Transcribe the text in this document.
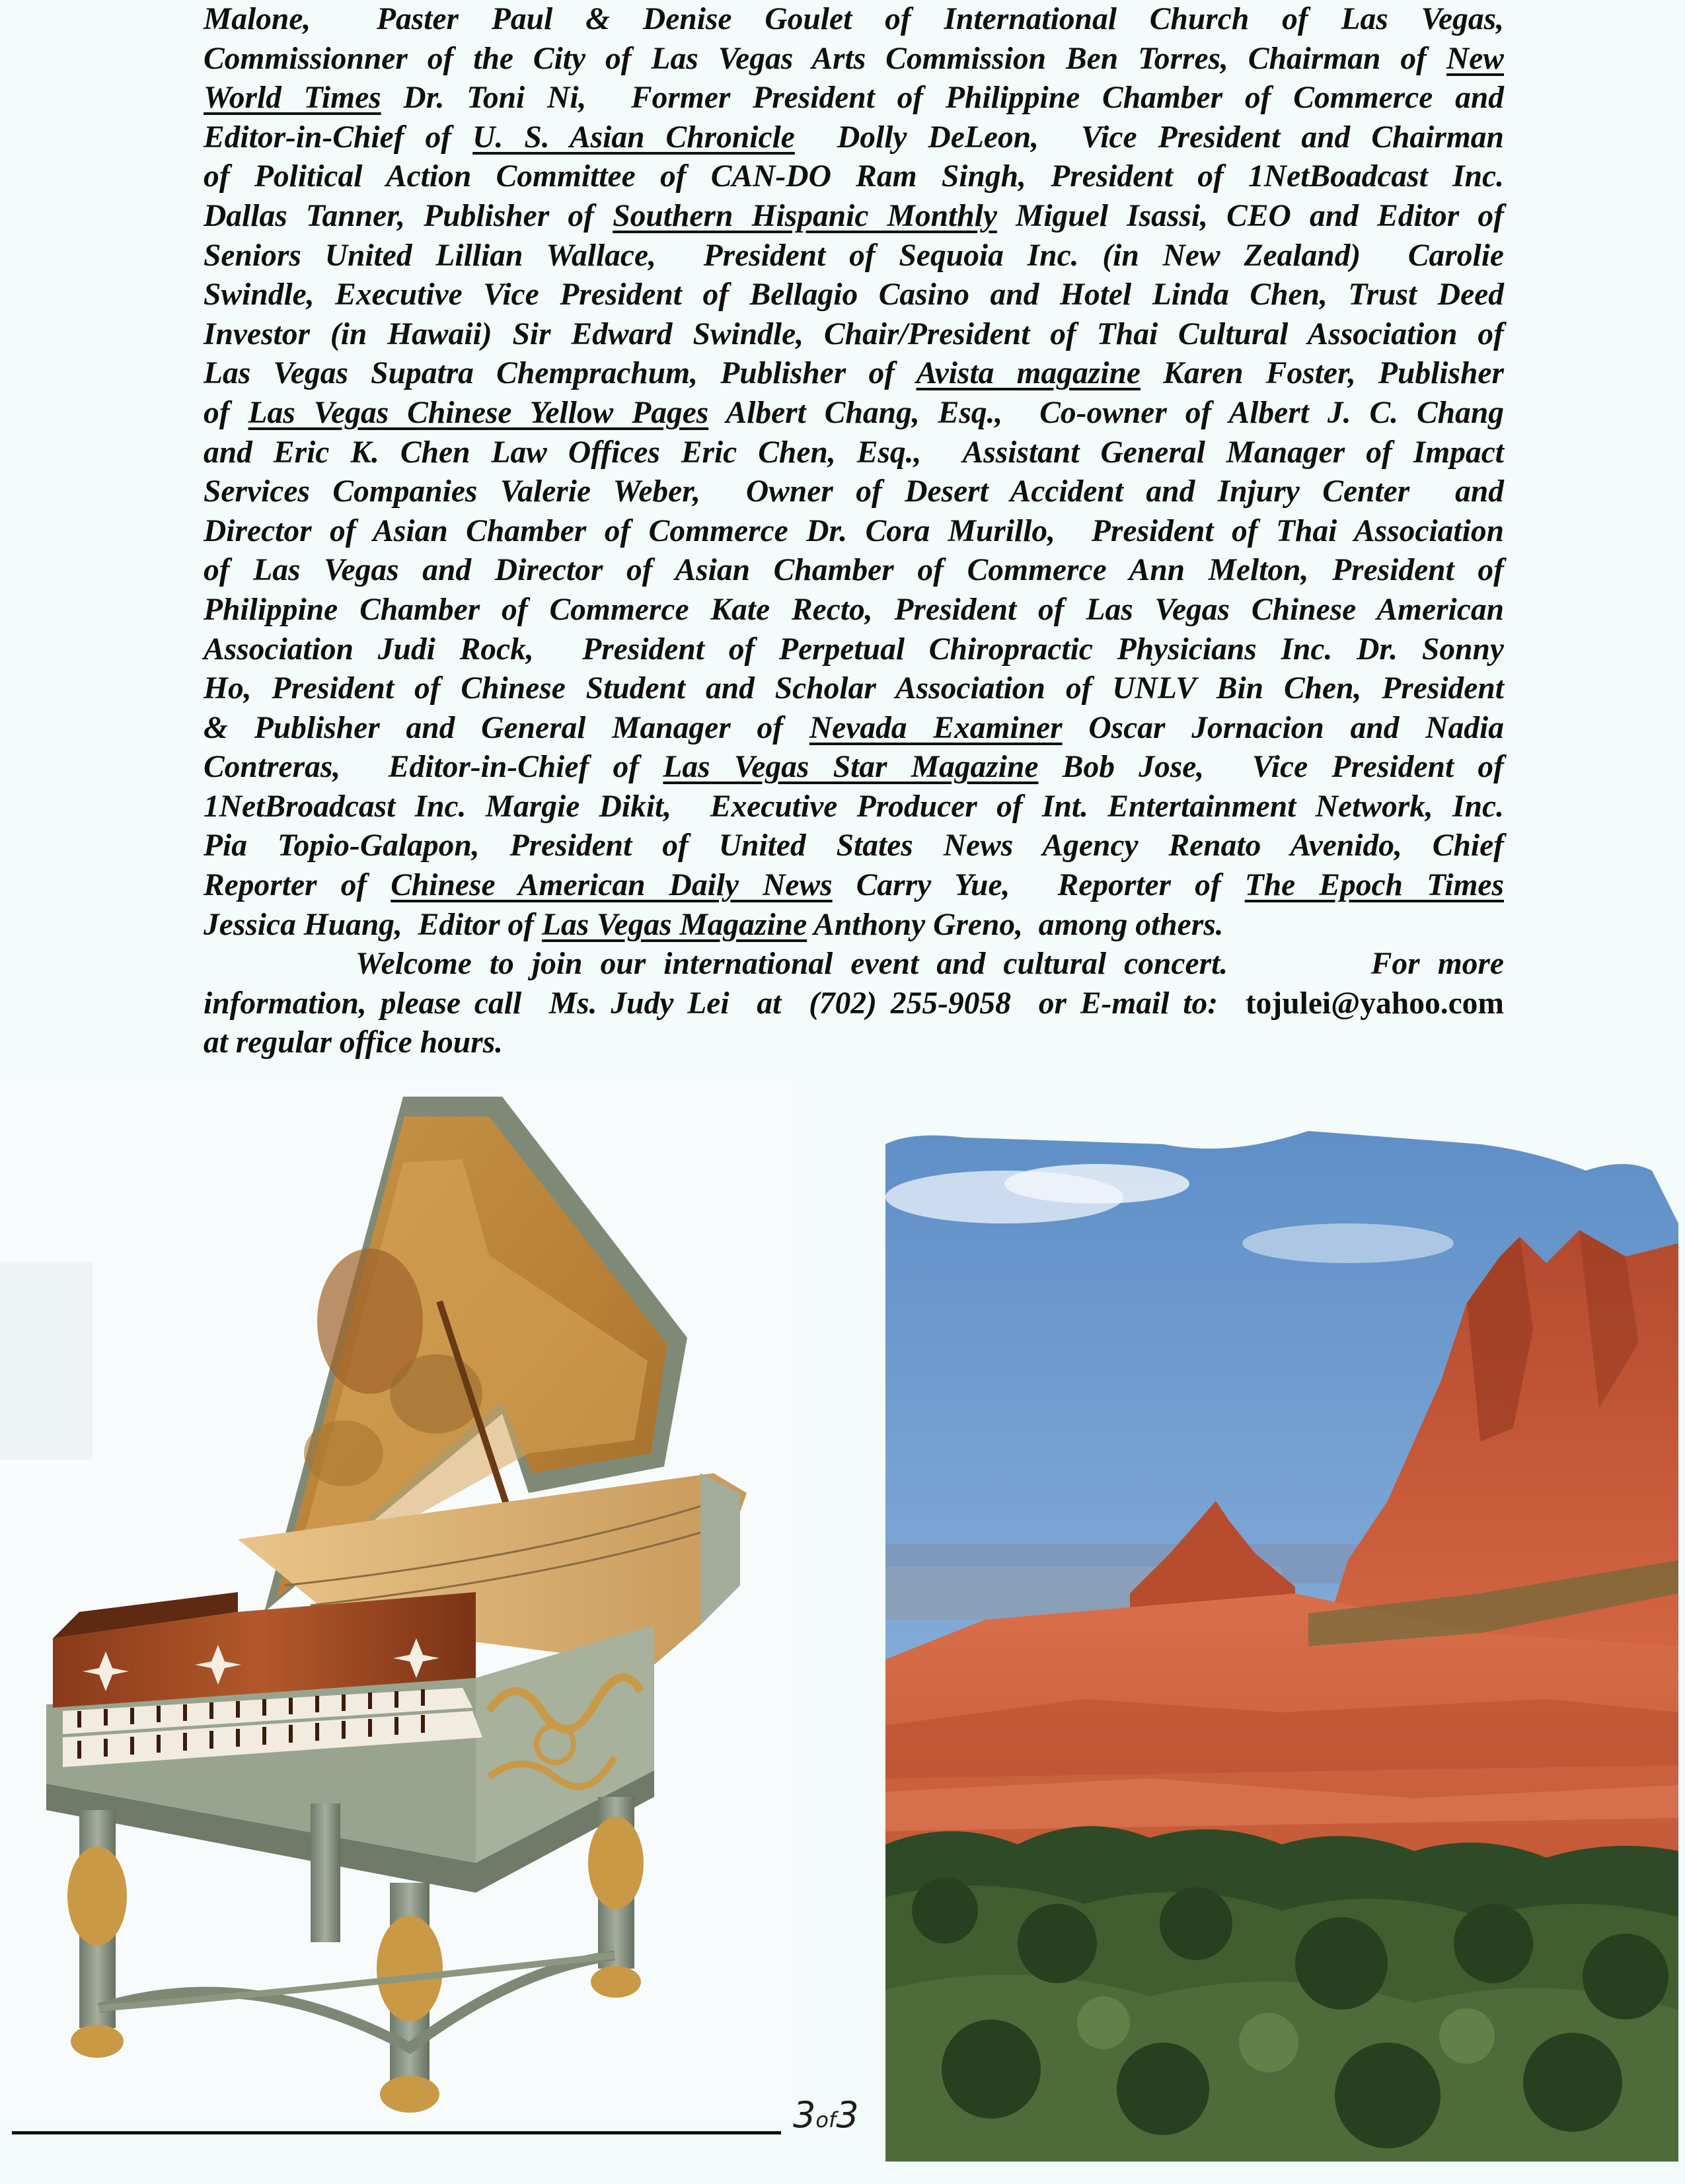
Malone,  Paster Paul & Denise Goulet of International Church of Las Vegas,
Commissionner of the City of Las Vegas Arts Commission Ben Torres, Chairman of New
World Times Dr. Toni Ni,  Former President of Philippine Chamber of Commerce and
Editor-in-Chief of U. S. Asian Chronicle  Dolly DeLeon,  Vice President and Chairman
of Political Action Committee of CAN-DO Ram Singh, President of 1NetBoadcast Inc.
Dallas Tanner, Publisher of Southern Hispanic Monthly Miguel Isassi, CEO and Editor of
Seniors United Lillian Wallace,  President of Sequoia Inc. (in New Zealand)  Carolie
Swindle, Executive Vice President of Bellagio Casino and Hotel Linda Chen, Trust Deed
Investor (in Hawaii) Sir Edward Swindle, Chair/President of Thai Cultural Association of
Las Vegas Supatra Chemprachum, Publisher of Avista magazine Karen Foster, Publisher
of Las Vegas Chinese Yellow Pages Albert Chang, Esq.,  Co-owner of Albert J. C. Chang
and Eric K. Chen Law Offices Eric Chen, Esq.,  Assistant General Manager of Impact
Services Companies Valerie Weber,  Owner of Desert Accident and Injury Center  and
Director of Asian Chamber of Commerce Dr. Cora Murillo,  President of Thai Association
of Las Vegas and Director of Asian Chamber of Commerce Ann Melton, President of
Philippine Chamber of Commerce Kate Recto, President of Las Vegas Chinese American
Association Judi Rock,  President of Perpetual Chiropractic Physicians Inc. Dr. Sonny
Ho, President of Chinese Student and Scholar Association of UNLV Bin Chen, President
& Publisher and General Manager of Nevada Examiner Oscar Jornacion and Nadia
Contreras,  Editor-in-Chief of Las Vegas Star Magazine Bob Jose,  Vice President of
1NetBroadcast Inc. Margie Dikit,  Executive Producer of Int. Entertainment Network, Inc.
Pia Topio-Galapon, President of United States News Agency Renato Avenido, Chief
Reporter of Chinese American Daily News Carry Yue,  Reporter of The Epoch Times
Jessica Huang,  Editor of Las Vegas Magazine Anthony Greno,  among others.
Welcome to join our international event and cultural concert.        For more
information, please call  Ms. Judy Lei  at  (702) 255-9058  or E-mail to:  tojulei@yahoo.com
at regular office hours.
3of3
